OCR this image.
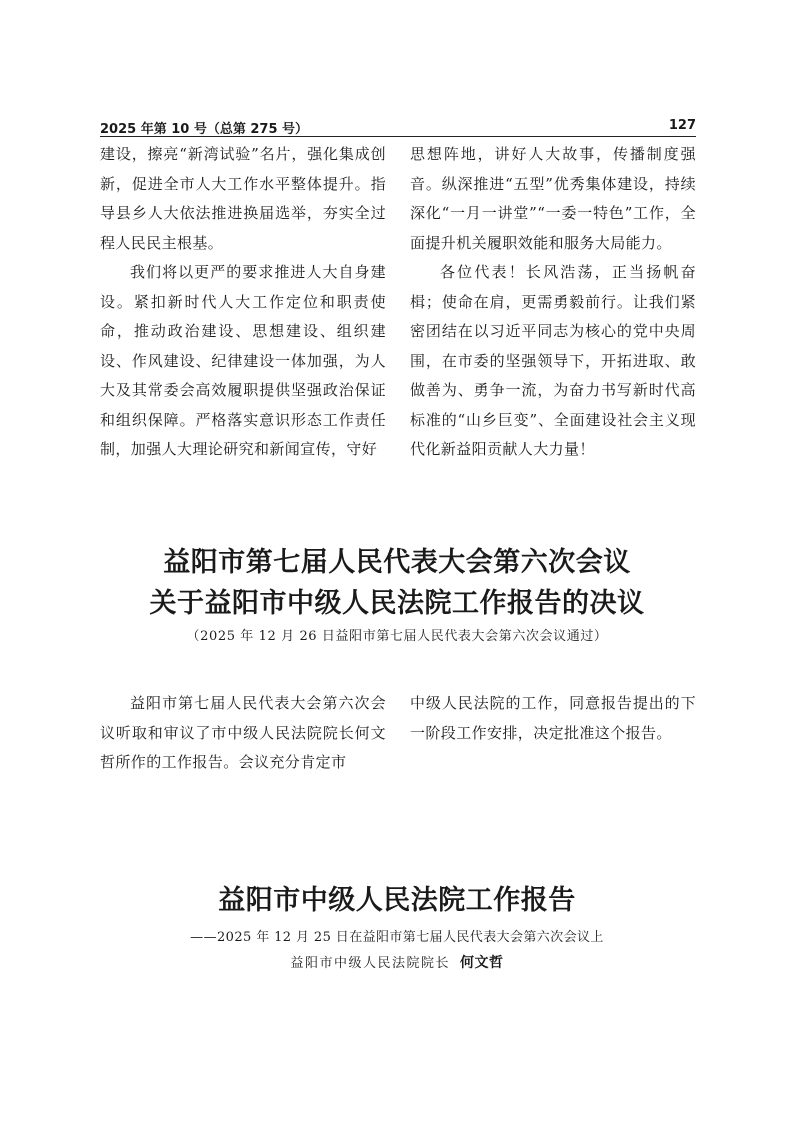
2025 年第 10 号（总第 275 号）	127

建设，擦亮“新湾试验”名片，强化集成创新，促进全市人大工作水平整体提升。指导县乡人大依法推进换届选举，夯实全过程人民民主根基。

我们将以更严的要求推进人大自身建设。紧扣新时代人大工作定位和职责使命，推动政治建设、思想建设、组织建设、作风建设、纪律建设一体加强，为人大及其常委会高效履职提供坚强政治保证和组织保障。严格落实意识形态工作责任制，加强人大理论研究和新闻宣传，守好

思想阵地，讲好人大故事，传播制度强音。纵深推进“五型”优秀集体建设，持续深化“一月一讲堂”“一委一特色”工作，全面提升机关履职效能和服务大局能力。

各位代表！长风浩荡，正当扬帆奋楫；使命在肩，更需勇毅前行。让我们紧密团结在以习近平同志为核心的党中央周围，在市委的坚强领导下，开拓进取、敢做善为、勇争一流，为奋力书写新时代高标准的“山乡巨变”、全面建设社会主义现代化新益阳贡献人大力量！

益阳市第七届人民代表大会第六次会议
关于益阳市中级人民法院工作报告的决议
（2025 年 12 月 26 日益阳市第七届人民代表大会第六次会议通过）

益阳市第七届人民代表大会第六次会议听取和审议了市中级人民法院院长何文哲所作的工作报告。会议充分肯定市

中级人民法院的工作，同意报告提出的下一阶段工作安排，决定批准这个报告。

益阳市中级人民法院工作报告
——2025 年 12 月 25 日在益阳市第七届人民代表大会第六次会议上
益阳市中级人民法院院长 何文哲
